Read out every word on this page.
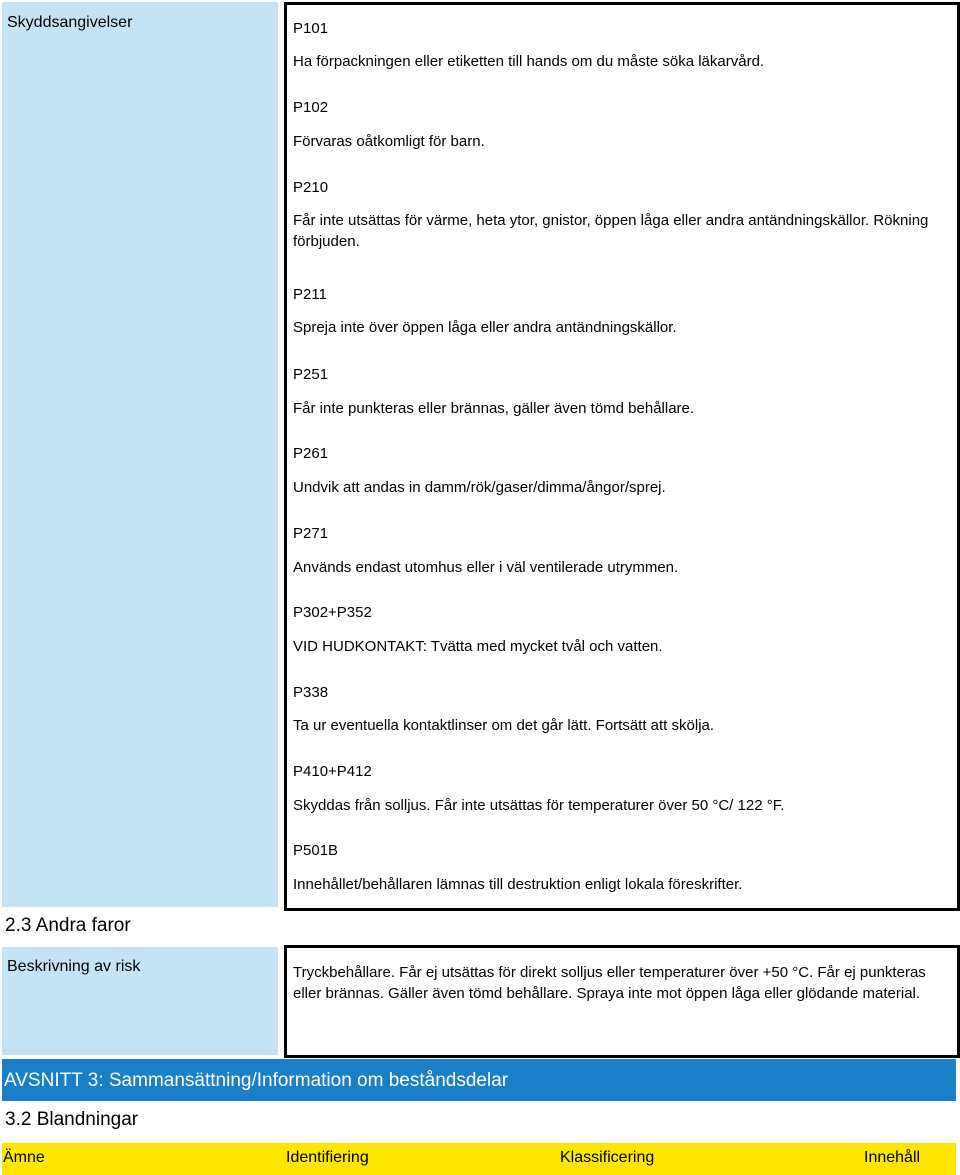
Skyddsangivelser	P101
Ha förpackningen eller etiketten till hands om du måste söka läkarvård.
P102
Förvaras oåtkomligt för barn.
P210
Får inte utsättas för värme, heta ytor, gnistor, öppen låga eller andra antändningskällor. Rökning förbjuden.
P211
Spreja inte över öppen låga eller andra antändningskällor.
P251
Får inte punkteras eller brännas, gäller även tömd behållare.
P261
Undvik att andas in damm/rök/gaser/dimma/ångor/sprej.
P271
Används endast utomhus eller i väl ventilerade utrymmen.
P302+P352
VID HUDKONTAKT: Tvätta med mycket tvål och vatten.
P338
Ta ur eventuella kontaktlinser om det går lätt. Fortsätt att skölja.
P410+P412
Skyddas från solljus. Får inte utsättas för temperaturer över 50 °C/ 122 °F.
P501B
Innehållet/behållaren lämnas till destruktion enligt lokala föreskrifter.
2.3 Andra faror
Beskrivning av risk	Tryckbehållare. Får ej utsättas för direkt solljus eller temperaturer över +50 °C. Får ej punkteras eller brännas. Gäller även tömd behållare. Spraya inte mot öppen låga eller glödande material.
AVSNITT 3: Sammansättning/Information om beståndsdelar
3.2 Blandningar
Ämne	Identifiering	Klassificering	Innehåll
